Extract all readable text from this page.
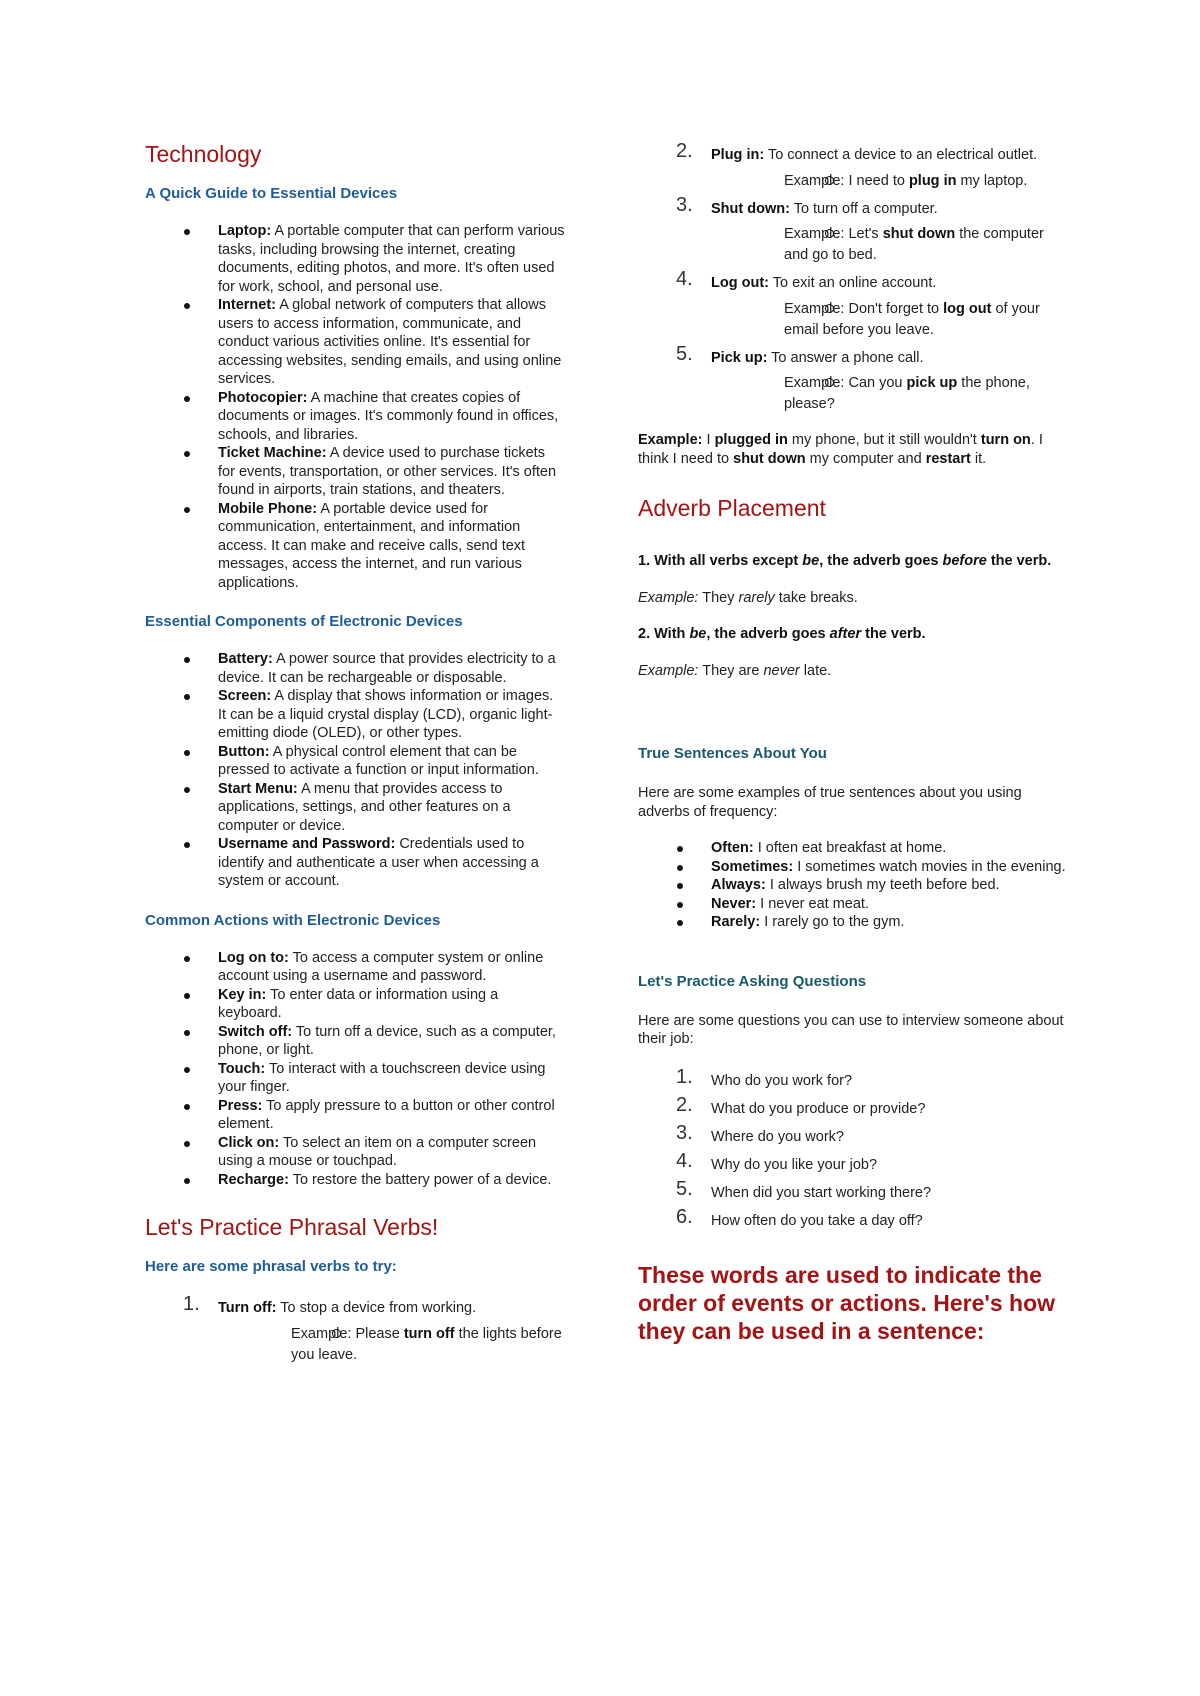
Technology
A Quick Guide to Essential Devices
Laptop: A portable computer that can perform various tasks, including browsing the internet, creating documents, editing photos, and more. It's often used for work, school, and personal use.
Internet: A global network of computers that allows users to access information, communicate, and conduct various activities online. It's essential for accessing websites, sending emails, and using online services.
Photocopier: A machine that creates copies of documents or images. It's commonly found in offices, schools, and libraries.
Ticket Machine: A device used to purchase tickets for events, transportation, or other services. It's often found in airports, train stations, and theaters.
Mobile Phone: A portable device used for communication, entertainment, and information access. It can make and receive calls, send text messages, access the internet, and run various applications.
Essential Components of Electronic Devices
Battery: A power source that provides electricity to a device. It can be rechargeable or disposable.
Screen: A display that shows information or images. It can be a liquid crystal display (LCD), organic light-emitting diode (OLED), or other types.
Button: A physical control element that can be pressed to activate a function or input information.
Start Menu: A menu that provides access to applications, settings, and other features on a computer or device.
Username and Password: Credentials used to identify and authenticate a user when accessing a system or account.
Common Actions with Electronic Devices
Log on to: To access a computer system or online account using a username and password.
Key in: To enter data or information using a keyboard.
Switch off: To turn off a device, such as a computer, phone, or light.
Touch: To interact with a touchscreen device using your finger.
Press: To apply pressure to a button or other control element.
Click on: To select an item on a computer screen using a mouse or touchpad.
Recharge: To restore the battery power of a device.
Let's Practice Phrasal Verbs!
Here are some phrasal verbs to try:
1. Turn off: To stop a device from working.
Example: Please turn off the lights before you leave.
2. Plug in: To connect a device to an electrical outlet.
Example: I need to plug in my laptop.
3. Shut down: To turn off a computer.
Example: Let's shut down the computer and go to bed.
4. Log out: To exit an online account.
Example: Don't forget to log out of your email before you leave.
5. Pick up: To answer a phone call.
Example: Can you pick up the phone, please?

Example: I plugged in my phone, but it still wouldn't turn on. I think I need to shut down my computer and restart it.

Adverb Placement

1. With all verbs except be, the adverb goes before the verb.

Example: They rarely take breaks.

2. With be, the adverb goes after the verb.

Example: They are never late.

True Sentences About You

Here are some examples of true sentences about you using adverbs of frequency:

Often: I often eat breakfast at home.
Sometimes: I sometimes watch movies in the evening.
Always: I always brush my teeth before bed.
Never: I never eat meat.
Rarely: I rarely go to the gym.
Let's Practice Asking Questions

Here are some questions you can use to interview someone about their job:

1. Who do you work for?
2. What do you produce or provide?
3. Where do you work?
4. Why do you like your job?
5. When did you start working there?
6. How often do you take a day off?

These words are used to indicate the order of events or actions. Here's how they can be used in a sentence:
